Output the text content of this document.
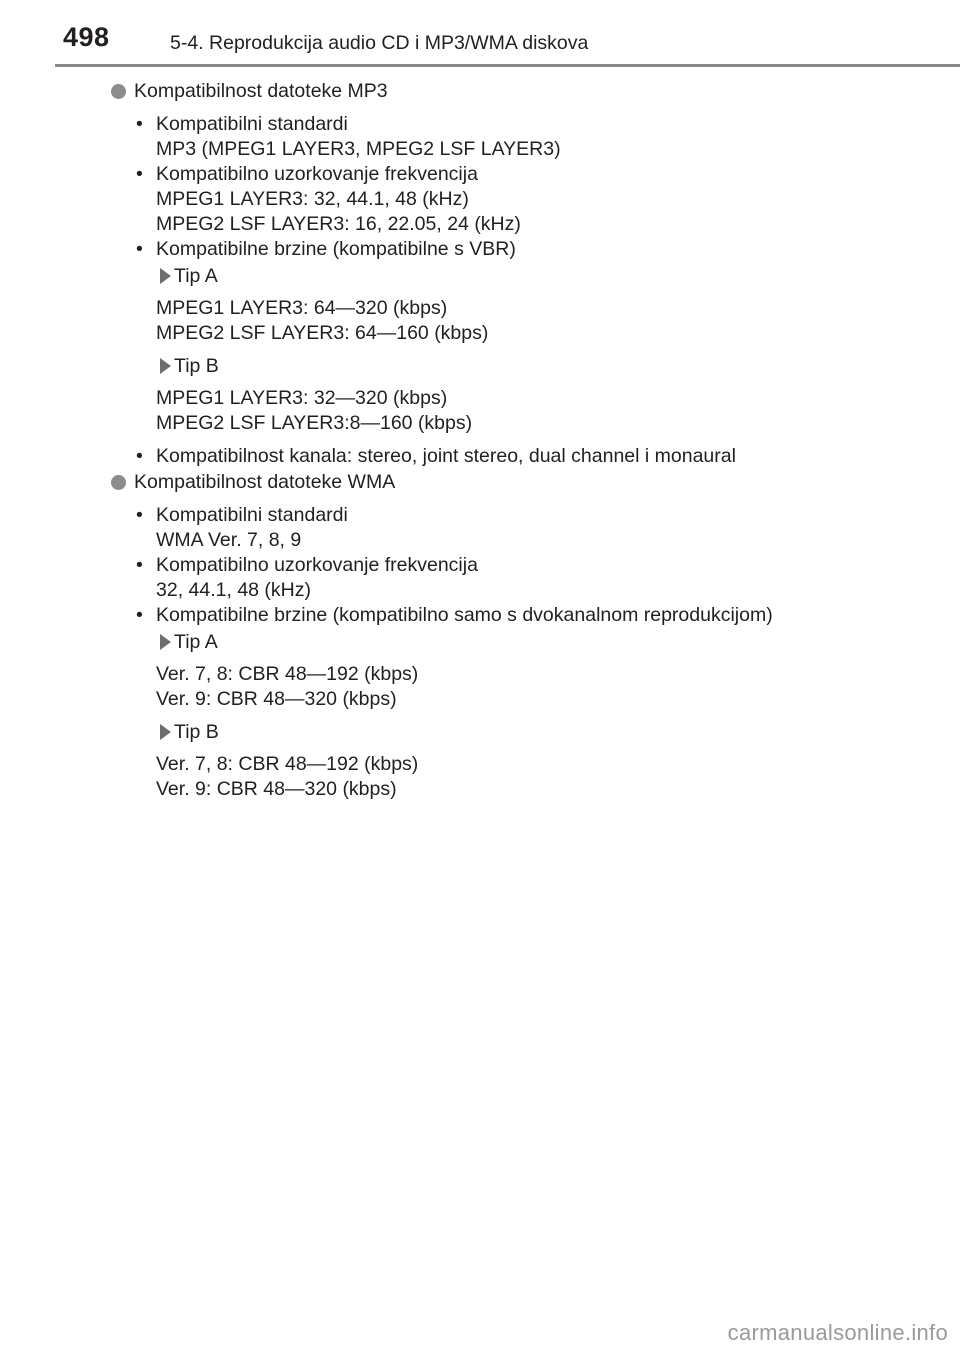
498	5-4. Reprodukcija audio CD i MP3/WMA diskova
Kompatibilnost datoteke MP3
• Kompatibilni standardi
MP3 (MPEG1 LAYER3, MPEG2 LSF LAYER3)
• Kompatibilno uzorkovanje frekvencija
MPEG1 LAYER3: 32, 44.1, 48 (kHz)
MPEG2 LSF LAYER3: 16, 22.05, 24 (kHz)
• Kompatibilne brzine (kompatibilne s VBR)
Tip A
MPEG1 LAYER3: 64—320 (kbps)
MPEG2 LSF LAYER3: 64—160 (kbps)
Tip B
MPEG1 LAYER3: 32—320 (kbps)
MPEG2 LSF LAYER3:8—160 (kbps)
• Kompatibilnost kanala: stereo, joint stereo, dual channel i monaural
Kompatibilnost datoteke WMA
• Kompatibilni standardi
WMA Ver. 7, 8, 9
• Kompatibilno uzorkovanje frekvencija
32, 44.1, 48 (kHz)
• Kompatibilne brzine (kompatibilno samo s dvokanalnom reprodukcijom)
Tip A
Ver. 7, 8: CBR 48—192 (kbps)
Ver. 9: CBR 48—320 (kbps)
Tip B
Ver. 7, 8: CBR 48—192 (kbps)
Ver. 9: CBR 48—320 (kbps)
carmanualsonline.info
